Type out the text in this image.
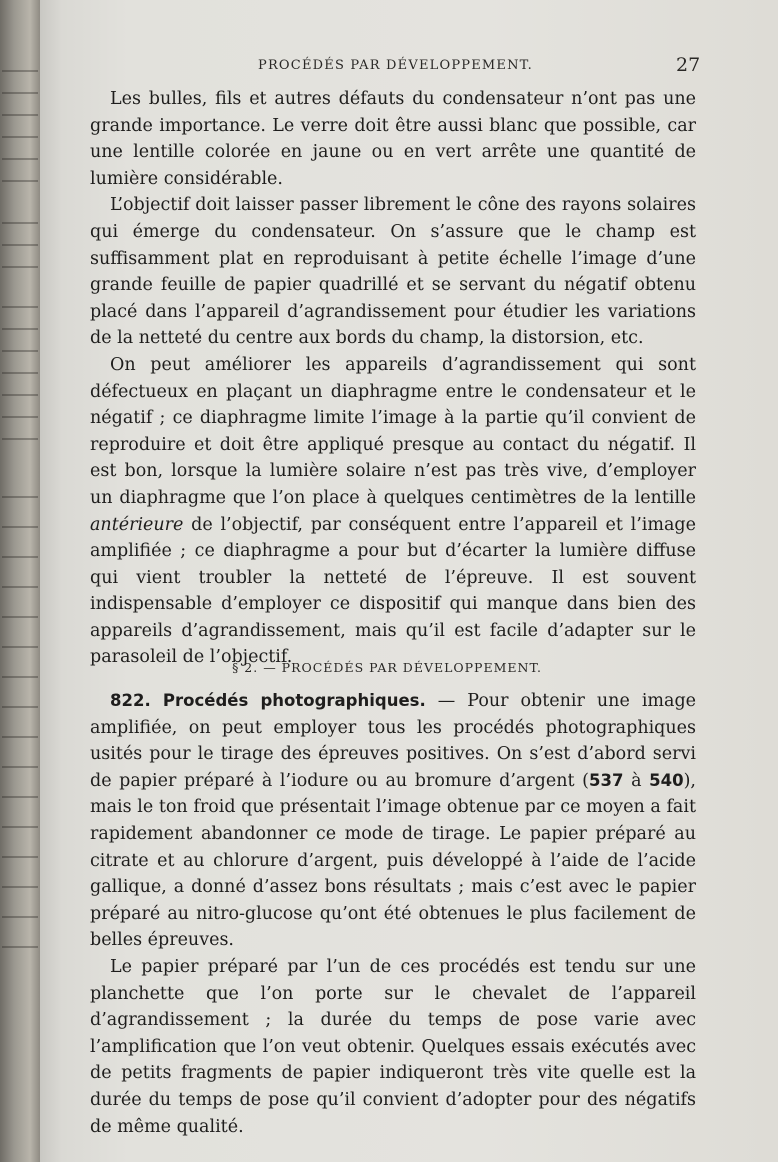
PROCÉDÉS PAR DÉVELOPPEMENT.	27

Les bulles, fils et autres défauts du condensateur n’ont pas une grande importance. Le verre doit être aussi blanc que possible, car une lentille colorée en jaune ou en vert arrête une quantité de lumière considérable.

L’objectif doit laisser passer librement le cône des rayons solaires qui émerge du condensateur. On s’assure que le champ est suffisamment plat en reproduisant à petite échelle l’image d’une grande feuille de papier quadrillé et se servant du négatif obtenu placé dans l’appareil d’agrandissement pour étudier les variations de la netteté du centre aux bords du champ, la distorsion, etc.

On peut améliorer les appareils d’agrandissement qui sont défectueux en plaçant un diaphragme entre le condensateur et le négatif ; ce diaphragme limite l’image à la partie qu’il convient de reproduire et doit être appliqué presque au contact du négatif. Il est bon, lorsque la lumière solaire n’est pas très vive, d’employer un diaphragme que l’on place à quelques centimètres de la lentille antérieure de l’objectif, par conséquent entre l’appareil et l’image amplifiée ; ce diaphragme a pour but d’écarter la lumière diffuse qui vient troubler la netteté de l’épreuve. Il est souvent indispensable d’employer ce dispositif qui manque dans bien des appareils d’agrandissement, mais qu’il est facile d’adapter sur le parasoleil de l’objectif.

§ 2. — PROCÉDÉS PAR DÉVELOPPEMENT.

822. Procédés photographiques. — Pour obtenir une image amplifiée, on peut employer tous les procédés photographiques usités pour le tirage des épreuves positives. On s’est d’abord servi de papier préparé à l’iodure ou au bromure d’argent (537 à 540), mais le ton froid que présentait l’image obtenue par ce moyen a fait rapidement abandonner ce mode de tirage. Le papier préparé au citrate et au chlorure d’argent, puis développé à l’aide de l’acide gallique, a donné d’assez bons résultats ; mais c’est avec le papier préparé au nitro-glucose qu’ont été obtenues le plus facilement de belles épreuves.

Le papier préparé par l’un de ces procédés est tendu sur une planchette que l’on porte sur le chevalet de l’appareil d’agrandissement ; la durée du temps de pose varie avec l’amplification que l’on veut obtenir. Quelques essais exécutés avec de petits fragments de papier indiqueront très vite quelle est la durée du temps de pose qu’il convient d’adopter pour des négatifs de même qualité.
